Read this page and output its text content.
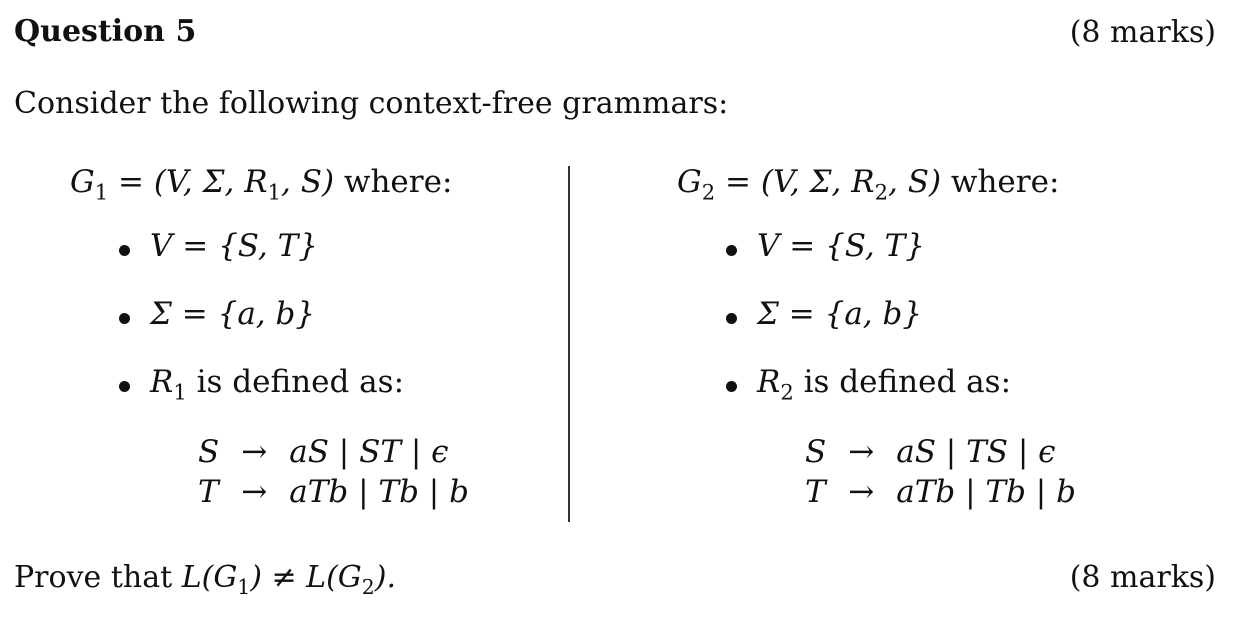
Question 5	(8 marks)
Consider the following context-free grammars:
$G_1 = (V$, Σ, $R_1$, S) where:
V = {S, T}
Σ = {a, b}
$R_1$ is defined as:
S	→	aS | ST | ϵ
T	→	aTb | Tb | b
$G_2 = (V$, Σ, $R_2$, S) where:
V = {S, T}
Σ = {a, b}
$R_2$ is defined as:
S	→	aS | TS | ϵ
T	→	aTb | Tb | b
Prove that $L(G_1) \ne L(G_2)$.	(8 marks)
